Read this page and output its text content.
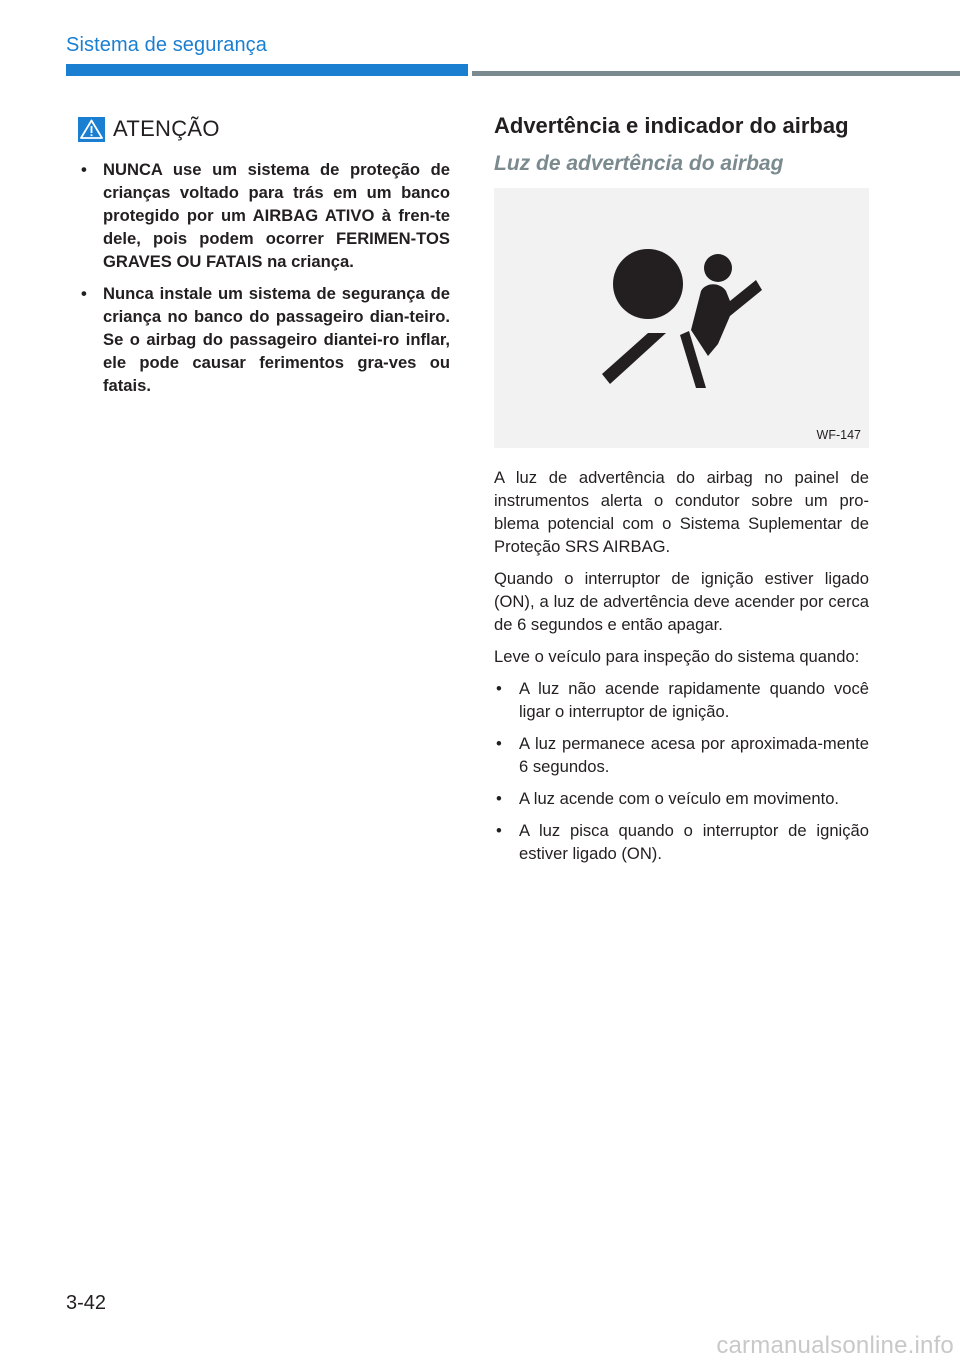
Sistema de segurança
ATENÇÃO
• NUNCA use um sistema de proteção de crianças voltado para trás em um banco protegido por um AIRBAG ATIVO à fren-te dele, pois podem ocorrer FERIMEN-TOS GRAVES OU FATAIS na criança.
• Nunca instale um sistema de segurança de criança no banco do passageiro dian-teiro. Se o airbag do passageiro diantei-ro inflar, ele pode causar ferimentos gra-ves ou fatais.
Advertência e indicador do airbag
Luz de advertência do airbag
WF-147

A luz de advertência do airbag no painel de instrumentos alerta o condutor sobre um pro-blema potencial com o Sistema Suplementar de Proteção SRS AIRBAG.

Quando o interruptor de ignição estiver ligado (ON), a luz de advertência deve acender por cerca de 6 segundos e então apagar.

Leve o veículo para inspeção do sistema quando:

• A luz não acende rapidamente quando você ligar o interruptor de ignição.
• A luz permanece acesa por aproximada-mente 6 segundos.
• A luz acende com o veículo em movimento.
• A luz pisca quando o interruptor de ignição estiver ligado (ON).
3-42
carmanualsonline.info
